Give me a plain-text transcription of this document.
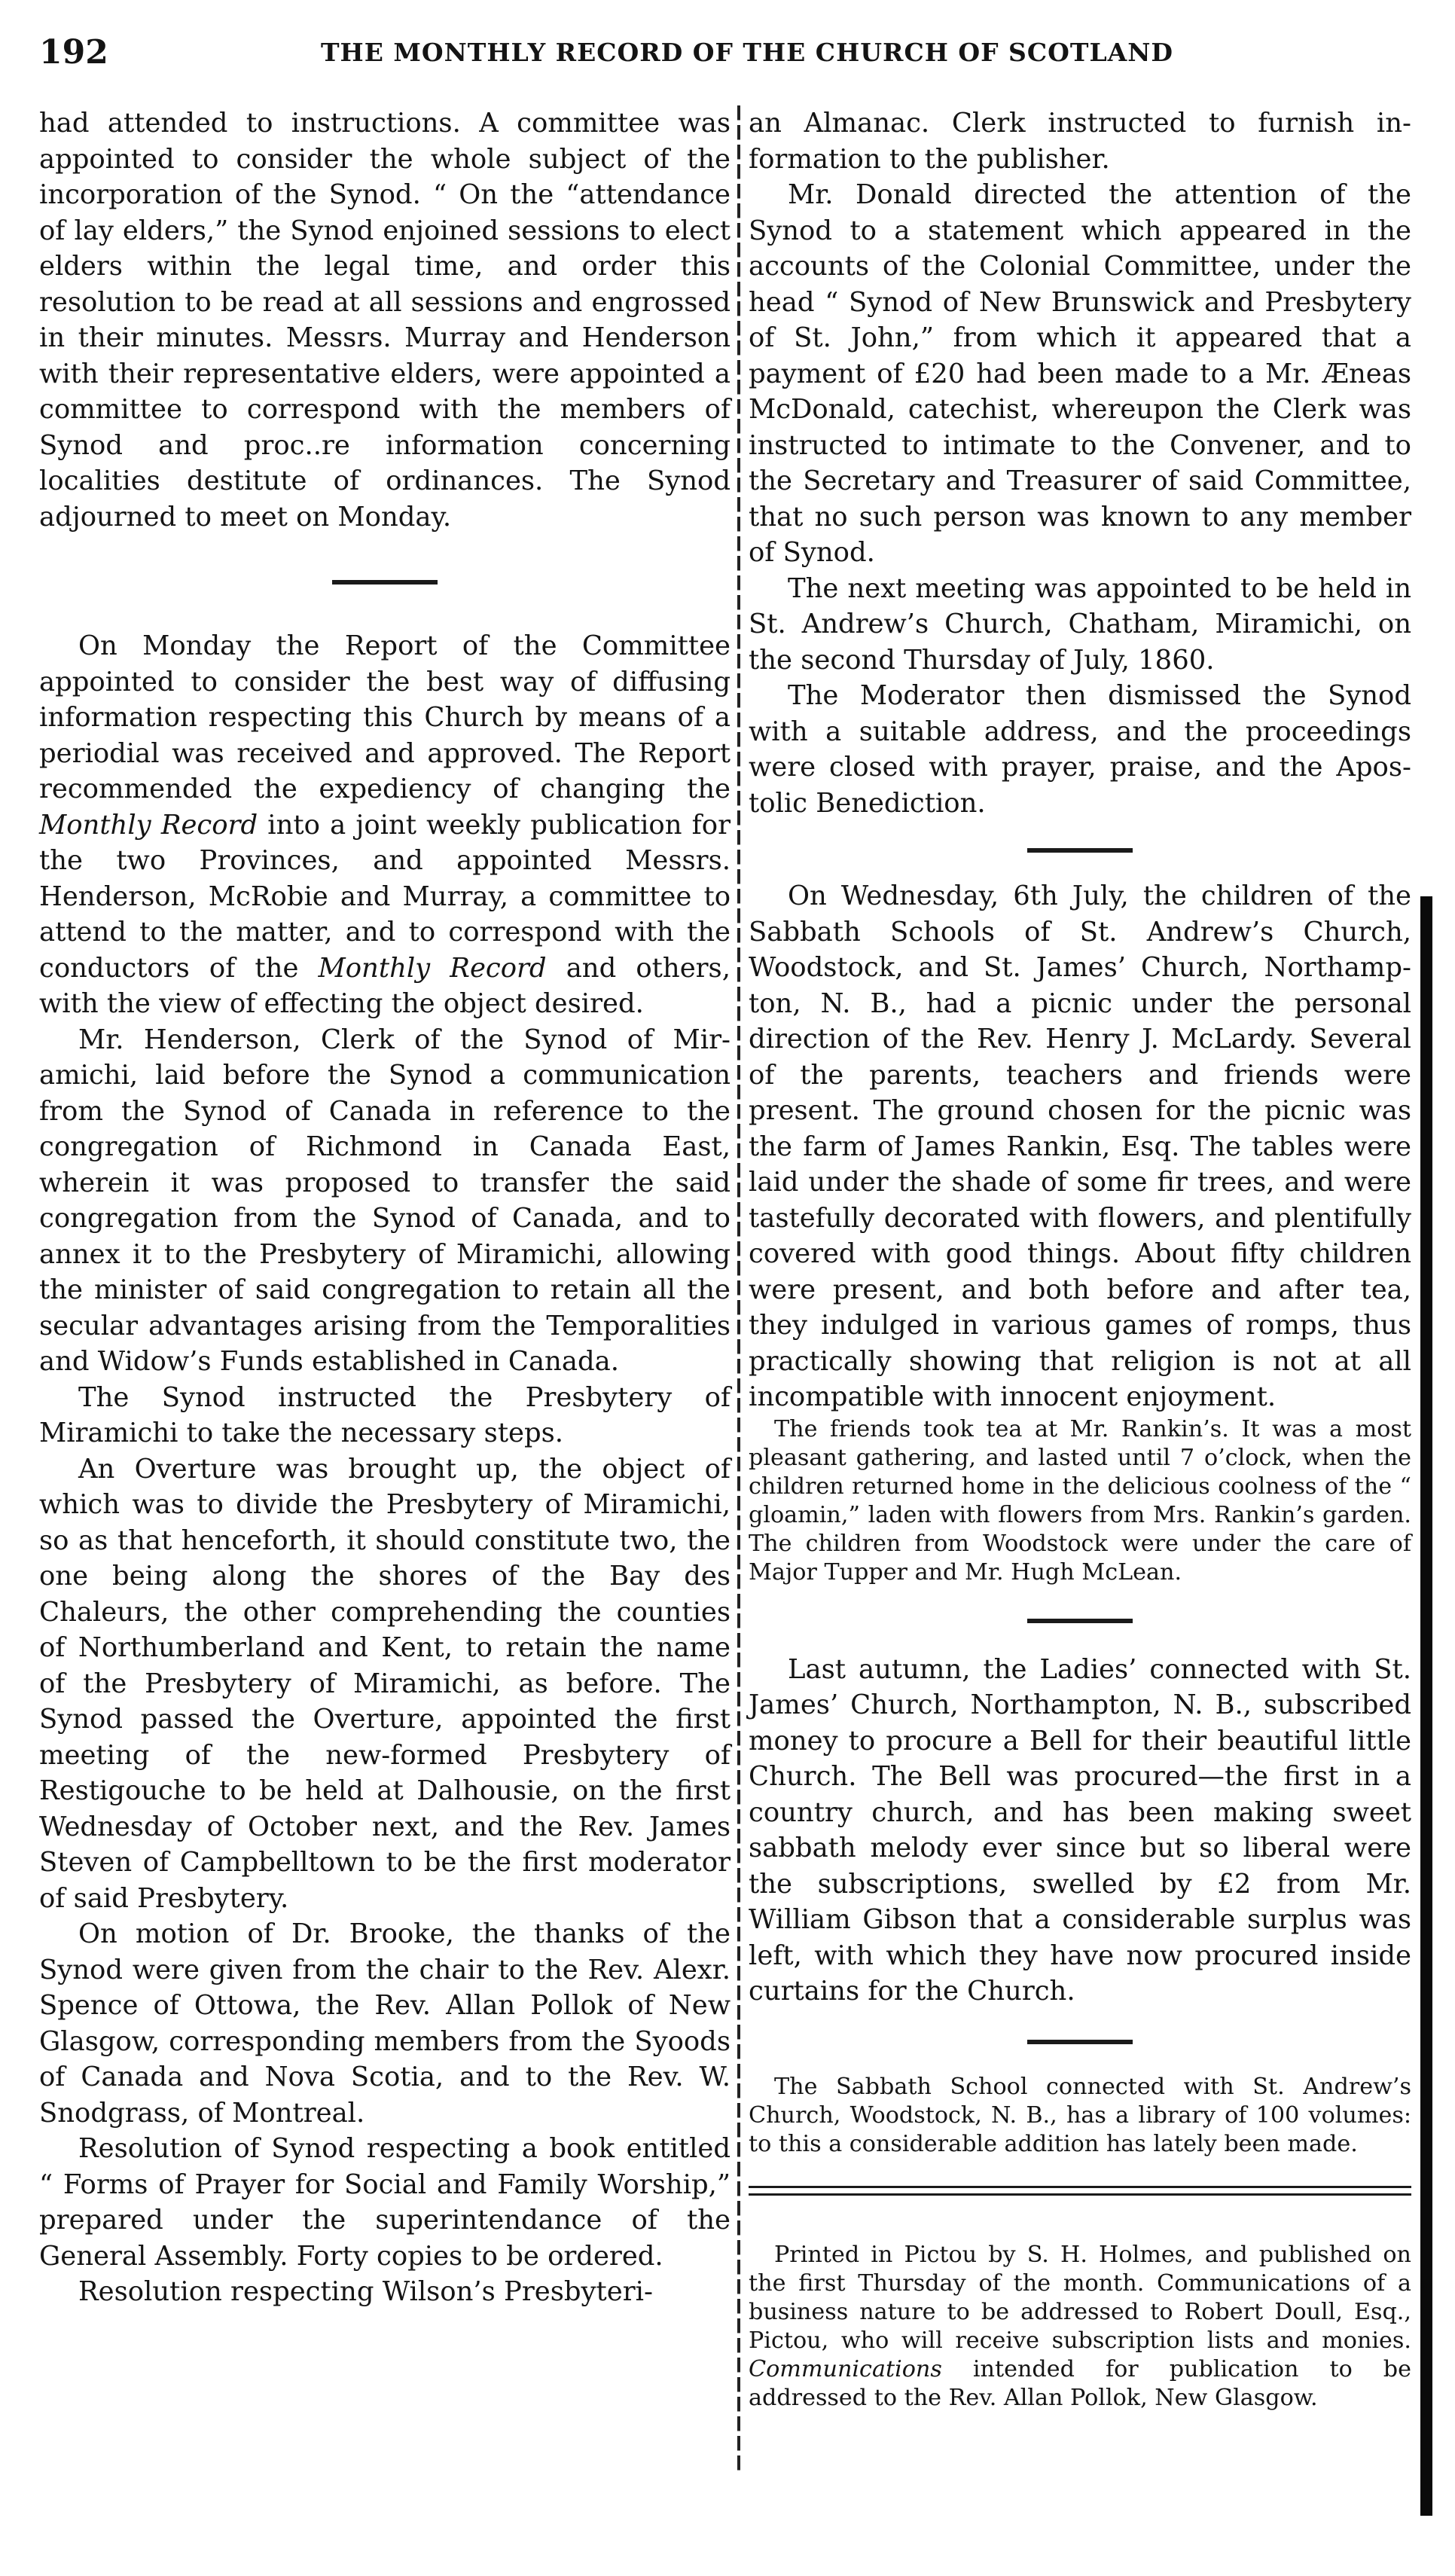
192	THE MONTHLY RECORD OF THE CHURCH OF SCOTLAND

had attended to instructions. A committee was appointed to consider the whole subject of the incorporation of the Synod. “ On the “attendance of lay elders,” the Synod enjoined sessions to elect elders within the legal time, and order this resolution to be read at all sessions and engrossed in their minutes. Messrs. Murray and Henderson with their representative elders, were appointed a committee to correspond with the members of Synod and proc..re information concerning localities destitute of ordinances. The Synod adjourned to meet on Monday.

On Monday the Report of the Committee appointed to consider the best way of diffusing information respecting this Church by means of a periodial was received and approved. The Report recommended the expediency of changing the Monthly Record into a joint weekly publication for the two Provinces, and appointed Messrs. Henderson, McRobie and Murray, a committee to attend to the matter, and to correspond with the conductors of the Monthly Record and others, with the view of effecting the object desired.

Mr. Henderson, Clerk of the Synod of Miramichi, laid before the Synod a communication from the Synod of Canada in reference to the congregation of Richmond in Canada East, wherein it was proposed to transfer the said congregation from the Synod of Canada, and to annex it to the Presbytery of Miramichi, allowing the minister of said congregation to retain all the secular advantages arising from the Temporalities and Widow’s Funds established in Canada.

The Synod instructed the Presbytery of Miramichi to take the necessary steps.

An Overture was brought up, the object of which was to divide the Presbytery of Miramichi, so as that henceforth, it should constitute two, the one being along the shores of the Bay des Chaleurs, the other comprehending the counties of Northumberland and Kent, to retain the name of the Presbytery of Miramichi, as before. The Synod passed the Overture, appointed the first meeting of the new-formed Presbytery of Restigouche to be held at Dalhousie, on the first Wednesday of October next, and the Rev. James Steven of Campbelltown to be the first moderator of said Presbytery.

On motion of Dr. Brooke, the thanks of the Synod were given from the chair to the Rev. Alexr. Spence of Ottowa, the Rev. Allan Pollok of New Glasgow, corresponding members from the Syoods of Canada and Nova Scotia, and to the Rev. W. Snodgrass, of Montreal.

Resolution of Synod respecting a book entitled “ Forms of Prayer for Social and Family Worship,” prepared under the superintendance of the General Assembly. Forty copies to be ordered.

Resolution respecting Wilson’s Presbyteri-

an Almanac. Clerk instructed to furnish information to the publisher.

Mr. Donald directed the attention of the Synod to a statement which appeared in the accounts of the Colonial Committee, under the head “ Synod of New Brunswick and Presbytery of St. John,” from which it appeared that a payment of £20 had been made to a Mr. Æneas McDonald, catechist, whereupon the Clerk was instructed to intimate to the Convener, and to the Secretary and Treasurer of said Committee, that no such person was known to any member of Synod.

The next meeting was appointed to be held in St. Andrew’s Church, Chatham, Miramichi, on the second Thursday of July, 1860.

The Moderator then dismissed the Synod with a suitable address, and the proceedings were closed with prayer, praise, and the Apostolic Benediction.

On Wednesday, 6th July, the children of the Sabbath Schools of St. Andrew’s Church, Woodstock, and St. James’ Church, Northampton, N. B., had a picnic under the personal direction of the Rev. Henry J. McLardy. Several of the parents, teachers and friends were present. The ground chosen for the picnic was the farm of James Rankin, Esq. The tables were laid under the shade of some fir trees, and were tastefully decorated with flowers, and plentifully covered with good things. About fifty children were present, and both before and after tea, they indulged in various games of romps, thus practically showing that religion is not at all incompatible with innocent enjoyment.

The friends took tea at Mr. Rankin’s. It was a most pleasant gathering, and lasted until 7 o’clock, when the children returned home in the delicious coolness of the “ gloamin,” laden with flowers from Mrs. Rankin’s garden. The children from Woodstock were under the care of Major Tupper and Mr. Hugh McLean.

Last autumn, the Ladies’ connected with St. James’ Church, Northampton, N. B., subscribed money to procure a Bell for their beautiful little Church. The Bell was procured—the first in a country church, and has been making sweet sabbath melody ever since but so liberal were the subscriptions, swelled by £2 from Mr. William Gibson that a considerable surplus was left, with which they have now procured inside curtains for the Church.

The Sabbath School connected with St. Andrew’s Church, Woodstock, N. B., has a library of 100 volumes: to this a considerable addition has lately been made.

Printed in Pictou by S. H. Holmes, and published on the first Thursday of the month. Communications of a business nature to be addressed to Robert Doull, Esq., Pictou, who will receive subscription lists and monies. Communications intended for publication to be addressed to the Rev. Allan Pollok, New Glasgow.
